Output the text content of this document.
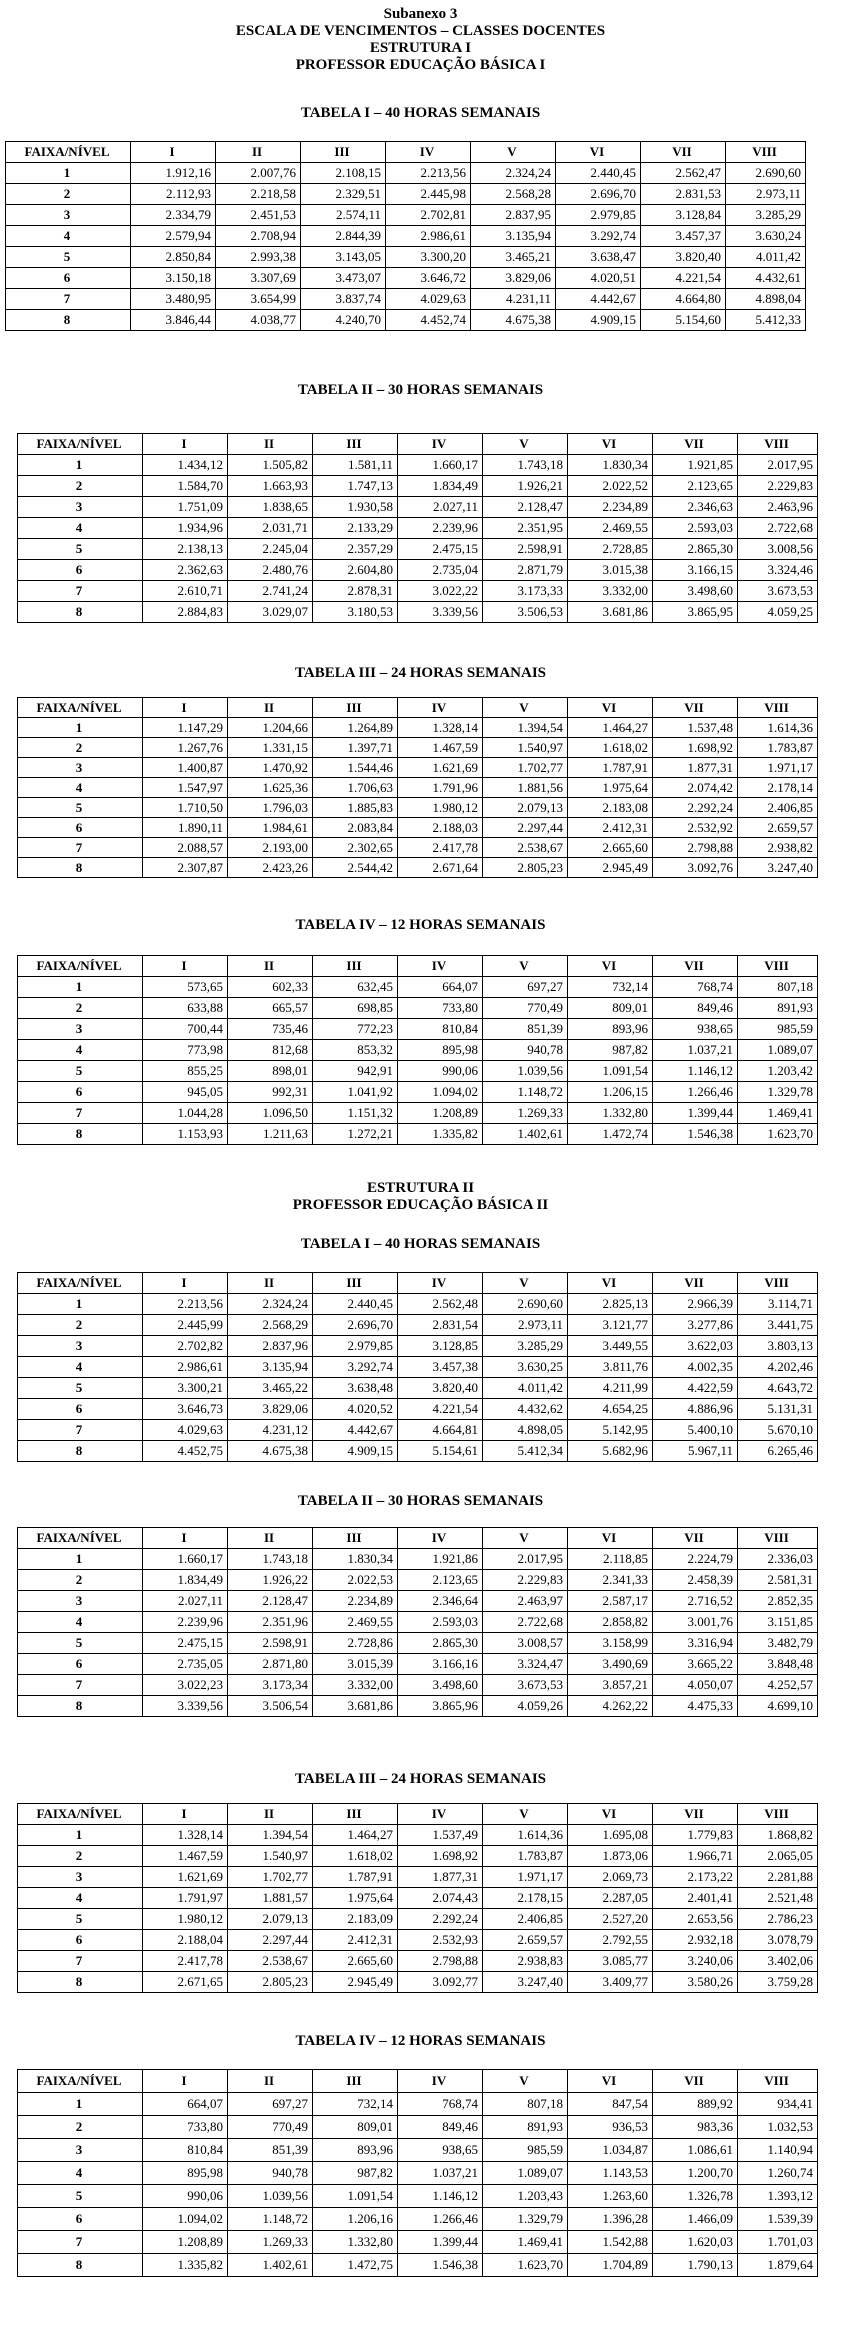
Subanexo 3
ESCALA DE VENCIMENTOS – CLASSES DOCENTES
ESTRUTURA I
PROFESSOR EDUCAÇÃO BÁSICA I
TABELA I – 40 HORAS SEMANAIS
FAIXA/NÍVEL	I	II	III	IV	V	VI	VII	VIII
1	1.912,16	2.007,76	2.108,15	2.213,56	2.324,24	2.440,45	2.562,47	2.690,60
2	2.112,93	2.218,58	2.329,51	2.445,98	2.568,28	2.696,70	2.831,53	2.973,11
3	2.334,79	2.451,53	2.574,11	2.702,81	2.837,95	2.979,85	3.128,84	3.285,29
4	2.579,94	2.708,94	2.844,39	2.986,61	3.135,94	3.292,74	3.457,37	3.630,24
5	2.850,84	2.993,38	3.143,05	3.300,20	3.465,21	3.638,47	3.820,40	4.011,42
6	3.150,18	3.307,69	3.473,07	3.646,72	3.829,06	4.020,51	4.221,54	4.432,61
7	3.480,95	3.654,99	3.837,74	4.029,63	4.231,11	4.442,67	4.664,80	4.898,04
8	3.846,44	4.038,77	4.240,70	4.452,74	4.675,38	4.909,15	5.154,60	5.412,33
TABELA II – 30 HORAS SEMANAIS
FAIXA/NÍVEL	I	II	III	IV	V	VI	VII	VIII
1	1.434,12	1.505,82	1.581,11	1.660,17	1.743,18	1.830,34	1.921,85	2.017,95
2	1.584,70	1.663,93	1.747,13	1.834,49	1.926,21	2.022,52	2.123,65	2.229,83
3	1.751,09	1.838,65	1.930,58	2.027,11	2.128,47	2.234,89	2.346,63	2.463,96
4	1.934,96	2.031,71	2.133,29	2.239,96	2.351,95	2.469,55	2.593,03	2.722,68
5	2.138,13	2.245,04	2.357,29	2.475,15	2.598,91	2.728,85	2.865,30	3.008,56
6	2.362,63	2.480,76	2.604,80	2.735,04	2.871,79	3.015,38	3.166,15	3.324,46
7	2.610,71	2.741,24	2.878,31	3.022,22	3.173,33	3.332,00	3.498,60	3.673,53
8	2.884,83	3.029,07	3.180,53	3.339,56	3.506,53	3.681,86	3.865,95	4.059,25
TABELA III – 24 HORAS SEMANAIS
FAIXA/NÍVEL	I	II	III	IV	V	VI	VII	VIII
1	1.147,29	1.204,66	1.264,89	1.328,14	1.394,54	1.464,27	1.537,48	1.614,36
2	1.267,76	1.331,15	1.397,71	1.467,59	1.540,97	1.618,02	1.698,92	1.783,87
3	1.400,87	1.470,92	1.544,46	1.621,69	1.702,77	1.787,91	1.877,31	1.971,17
4	1.547,97	1.625,36	1.706,63	1.791,96	1.881,56	1.975,64	2.074,42	2.178,14
5	1.710,50	1.796,03	1.885,83	1.980,12	2.079,13	2.183,08	2.292,24	2.406,85
6	1.890,11	1.984,61	2.083,84	2.188,03	2.297,44	2.412,31	2.532,92	2.659,57
7	2.088,57	2.193,00	2.302,65	2.417,78	2.538,67	2.665,60	2.798,88	2.938,82
8	2.307,87	2.423,26	2.544,42	2.671,64	2.805,23	2.945,49	3.092,76	3.247,40
TABELA IV – 12 HORAS SEMANAIS
FAIXA/NÍVEL	I	II	III	IV	V	VI	VII	VIII
1	573,65	602,33	632,45	664,07	697,27	732,14	768,74	807,18
2	633,88	665,57	698,85	733,80	770,49	809,01	849,46	891,93
3	700,44	735,46	772,23	810,84	851,39	893,96	938,65	985,59
4	773,98	812,68	853,32	895,98	940,78	987,82	1.037,21	1.089,07
5	855,25	898,01	942,91	990,06	1.039,56	1.091,54	1.146,12	1.203,42
6	945,05	992,31	1.041,92	1.094,02	1.148,72	1.206,15	1.266,46	1.329,78
7	1.044,28	1.096,50	1.151,32	1.208,89	1.269,33	1.332,80	1.399,44	1.469,41
8	1.153,93	1.211,63	1.272,21	1.335,82	1.402,61	1.472,74	1.546,38	1.623,70
ESTRUTURA II
PROFESSOR EDUCAÇÃO BÁSICA II
TABELA I – 40 HORAS SEMANAIS
FAIXA/NÍVEL	I	II	III	IV	V	VI	VII	VIII
1	2.213,56	2.324,24	2.440,45	2.562,48	2.690,60	2.825,13	2.966,39	3.114,71
2	2.445,99	2.568,29	2.696,70	2.831,54	2.973,11	3.121,77	3.277,86	3.441,75
3	2.702,82	2.837,96	2.979,85	3.128,85	3.285,29	3.449,55	3.622,03	3.803,13
4	2.986,61	3.135,94	3.292,74	3.457,38	3.630,25	3.811,76	4.002,35	4.202,46
5	3.300,21	3.465,22	3.638,48	3.820,40	4.011,42	4.211,99	4.422,59	4.643,72
6	3.646,73	3.829,06	4.020,52	4.221,54	4.432,62	4.654,25	4.886,96	5.131,31
7	4.029,63	4.231,12	4.442,67	4.664,81	4.898,05	5.142,95	5.400,10	5.670,10
8	4.452,75	4.675,38	4.909,15	5.154,61	5.412,34	5.682,96	5.967,11	6.265,46
TABELA II – 30 HORAS SEMANAIS
FAIXA/NÍVEL	I	II	III	IV	V	VI	VII	VIII
1	1.660,17	1.743,18	1.830,34	1.921,86	2.017,95	2.118,85	2.224,79	2.336,03
2	1.834,49	1.926,22	2.022,53	2.123,65	2.229,83	2.341,33	2.458,39	2.581,31
3	2.027,11	2.128,47	2.234,89	2.346,64	2.463,97	2.587,17	2.716,52	2.852,35
4	2.239,96	2.351,96	2.469,55	2.593,03	2.722,68	2.858,82	3.001,76	3.151,85
5	2.475,15	2.598,91	2.728,86	2.865,30	3.008,57	3.158,99	3.316,94	3.482,79
6	2.735,05	2.871,80	3.015,39	3.166,16	3.324,47	3.490,69	3.665,22	3.848,48
7	3.022,23	3.173,34	3.332,00	3.498,60	3.673,53	3.857,21	4.050,07	4.252,57
8	3.339,56	3.506,54	3.681,86	3.865,96	4.059,26	4.262,22	4.475,33	4.699,10
TABELA III – 24 HORAS SEMANAIS
FAIXA/NÍVEL	I	II	III	IV	V	VI	VII	VIII
1	1.328,14	1.394,54	1.464,27	1.537,49	1.614,36	1.695,08	1.779,83	1.868,82
2	1.467,59	1.540,97	1.618,02	1.698,92	1.783,87	1.873,06	1.966,71	2.065,05
3	1.621,69	1.702,77	1.787,91	1.877,31	1.971,17	2.069,73	2.173,22	2.281,88
4	1.791,97	1.881,57	1.975,64	2.074,43	2.178,15	2.287,05	2.401,41	2.521,48
5	1.980,12	2.079,13	2.183,09	2.292,24	2.406,85	2.527,20	2.653,56	2.786,23
6	2.188,04	2.297,44	2.412,31	2.532,93	2.659,57	2.792,55	2.932,18	3.078,79
7	2.417,78	2.538,67	2.665,60	2.798,88	2.938,83	3.085,77	3.240,06	3.402,06
8	2.671,65	2.805,23	2.945,49	3.092,77	3.247,40	3.409,77	3.580,26	3.759,28
TABELA IV – 12 HORAS SEMANAIS
FAIXA/NÍVEL	I	II	III	IV	V	VI	VII	VIII
1	664,07	697,27	732,14	768,74	807,18	847,54	889,92	934,41
2	733,80	770,49	809,01	849,46	891,93	936,53	983,36	1.032,53
3	810,84	851,39	893,96	938,65	985,59	1.034,87	1.086,61	1.140,94
4	895,98	940,78	987,82	1.037,21	1.089,07	1.143,53	1.200,70	1.260,74
5	990,06	1.039,56	1.091,54	1.146,12	1.203,43	1.263,60	1.326,78	1.393,12
6	1.094,02	1.148,72	1.206,16	1.266,46	1.329,79	1.396,28	1.466,09	1.539,39
7	1.208,89	1.269,33	1.332,80	1.399,44	1.469,41	1.542,88	1.620,03	1.701,03
8	1.335,82	1.402,61	1.472,75	1.546,38	1.623,70	1.704,89	1.790,13	1.879,64
